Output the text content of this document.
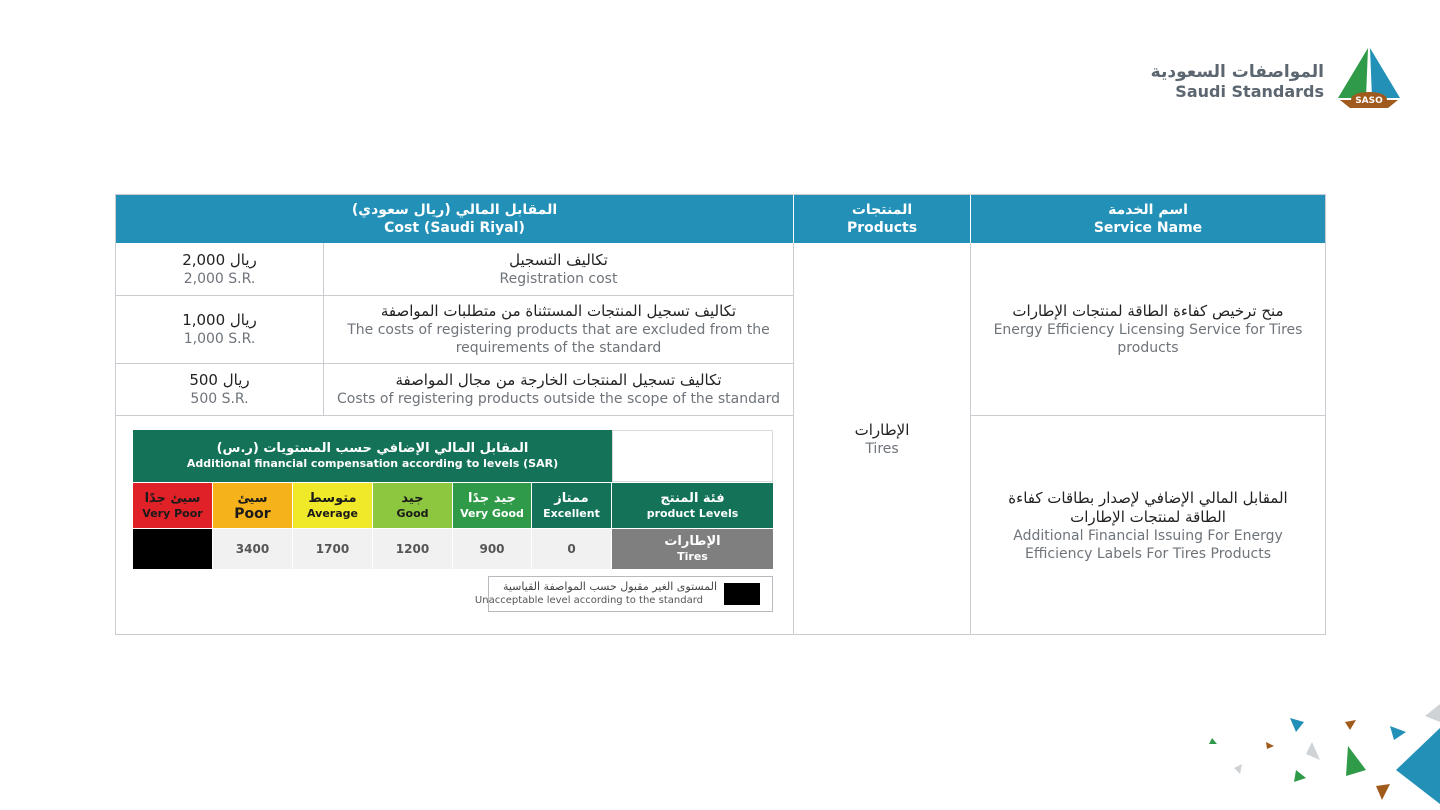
المواصفات السعودية
Saudi Standards	SASO
المقابل المالي (ريال سعودي)
Cost (Saudi Riyal)
المنتجات
Products
اسم الخدمة
Service Name
2,000 ريال
2,000 S.R.
تكاليف التسجيل
Registration cost
1,000 ريال
1,000 S.R.
تكاليف تسجيل المنتجات المستثناة من متطلبات المواصفة
The costs of registering products that are excluded from the requirements of the standard
500 ريال
500 S.R.
تكاليف تسجيل المنتجات الخارجة من مجال المواصفة
Costs of registering products outside the scope of the standard
الإطارات
Tires
منح ترخيص كفاءة الطاقة لمنتجات الإطارات
Energy Efficiency Licensing Service for Tires products
المقابل المالي الإضافي لإصدار بطاقات كفاءة الطاقة لمنتجات الإطارات
Additional Financial Issuing For Energy Efficiency Labels For Tires Products
المقابل المالي الإضافي حسب المستويات (ر.س)
Additional financial compensation according to levels (SAR)
فئة المنتج
product Levels
الإطارات
Tires
ممتاز
Excellent
جيد جدًا
Very Good
جيد
Good
متوسط
Average
سيئ
Poor
سيئ جدًا
Very Poor
0
900
1200
1700
3400
المستوى الغير مقبول حسب المواصفة القياسية
Unacceptable level according to the standard
